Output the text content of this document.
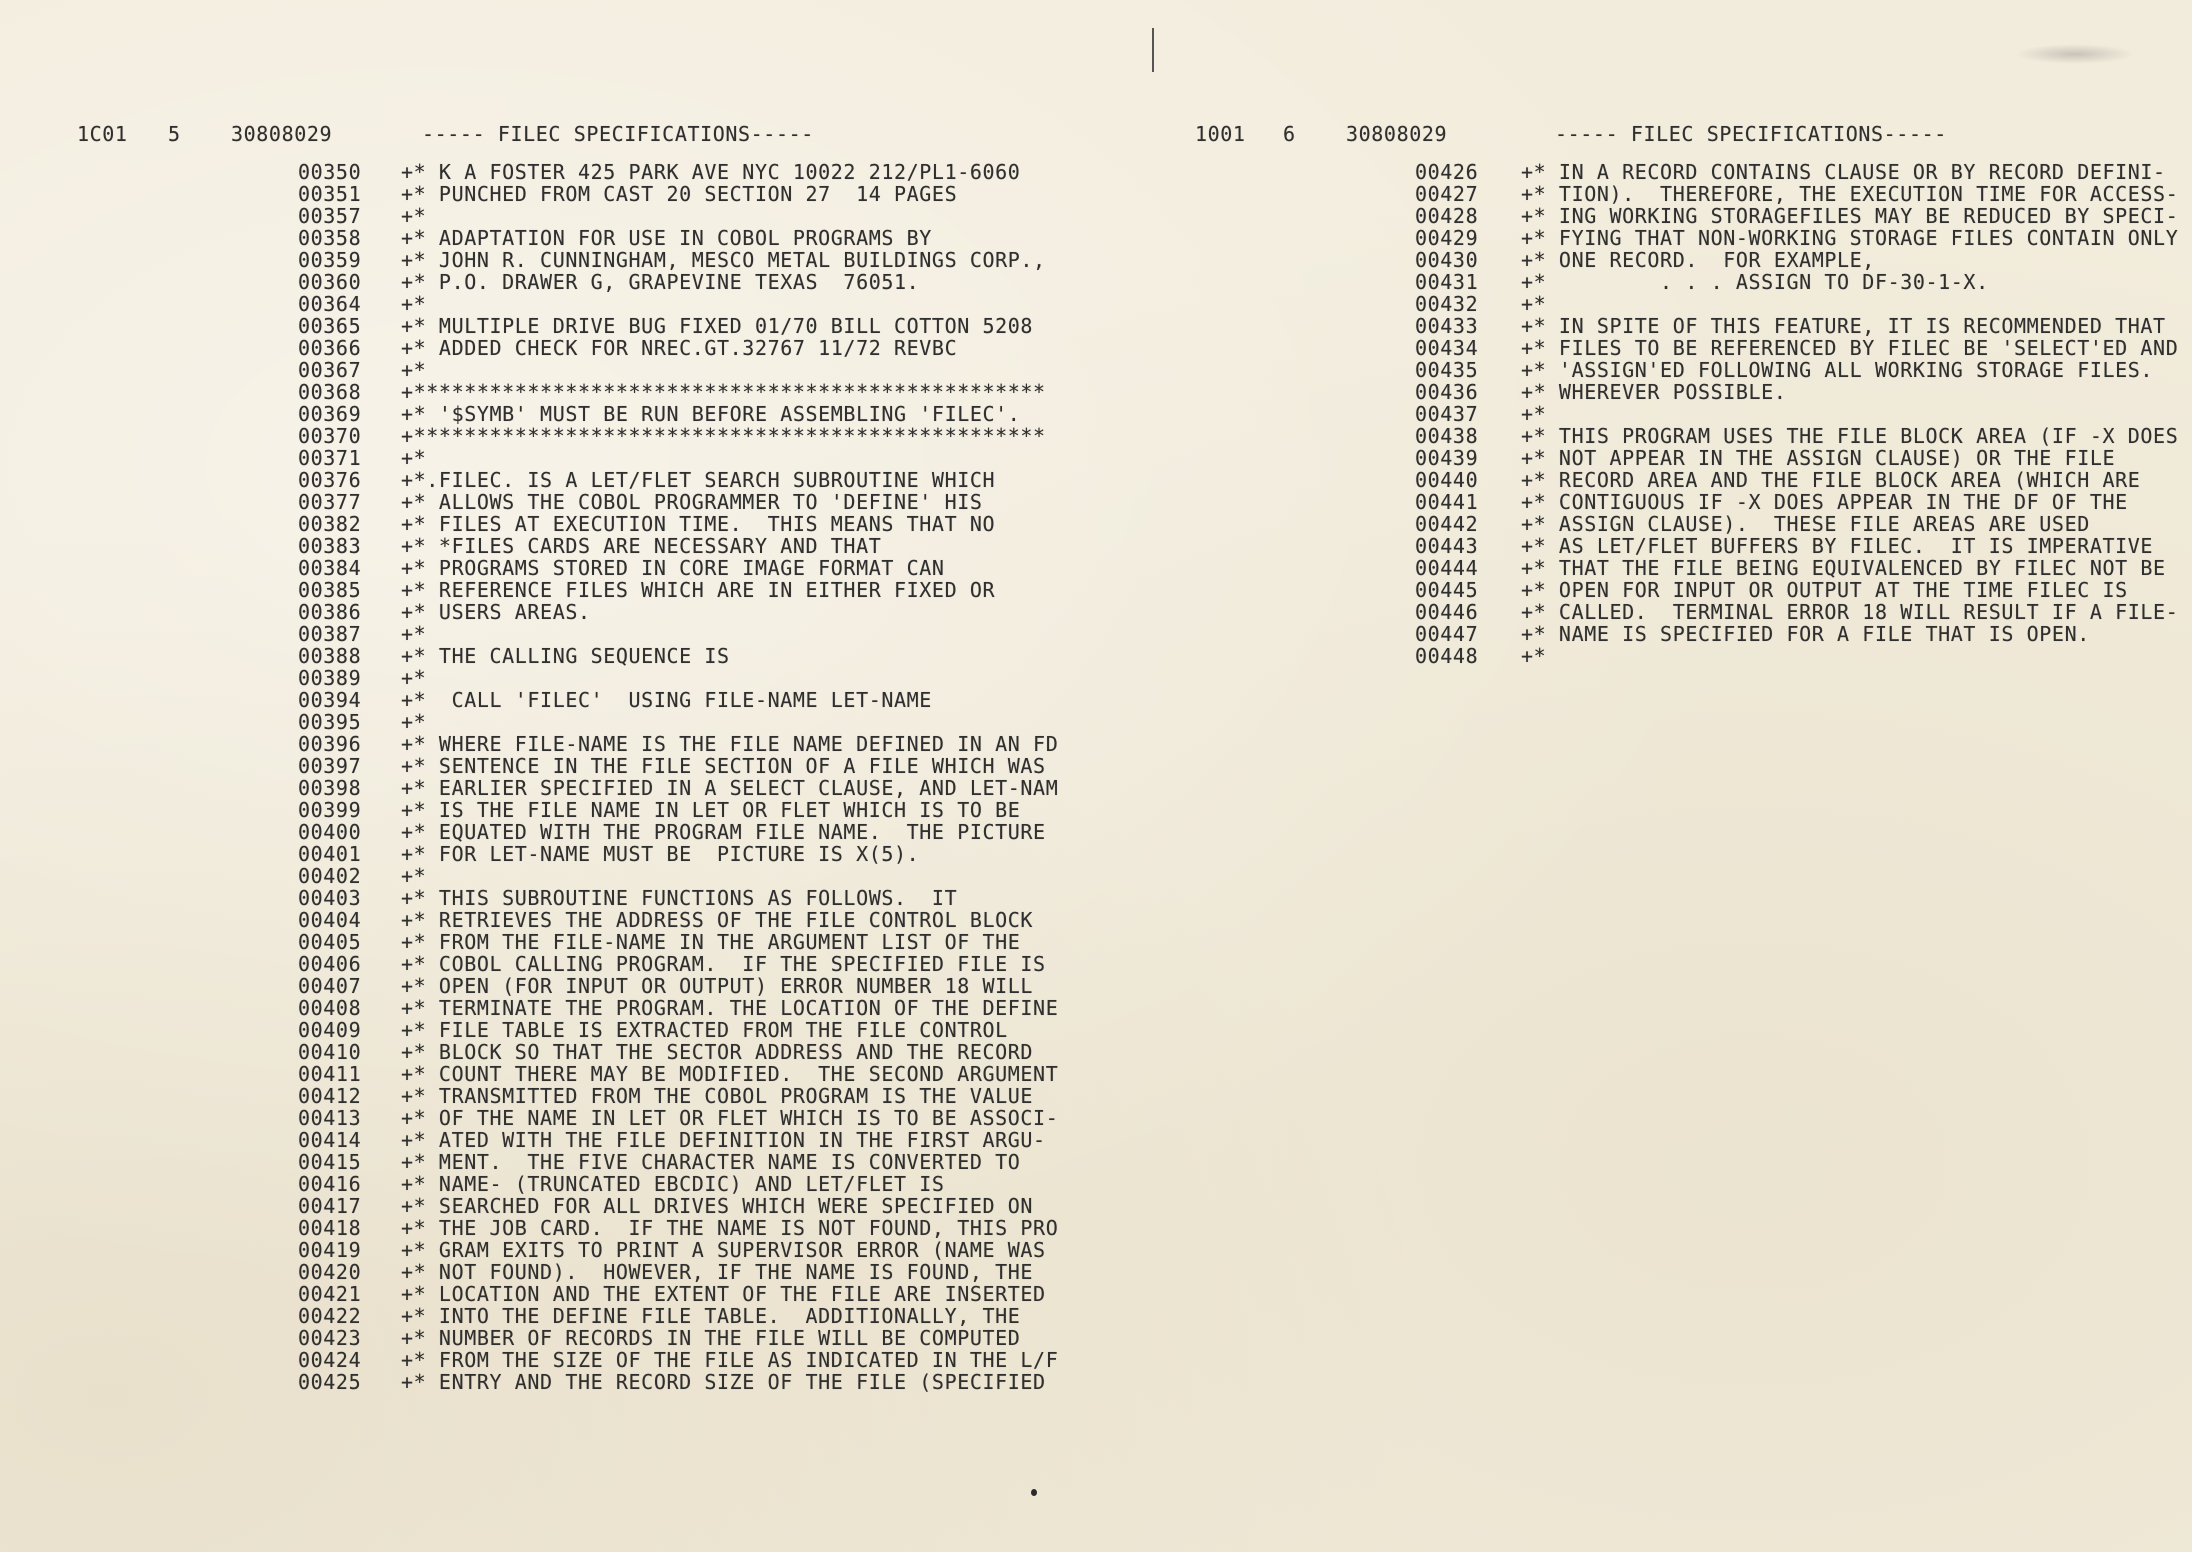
1C01 5	30808029	----- FILEC SPECIFICATIONS-----	1001 6	30808029	----- FILEC SPECIFICATIONS-----
00350 +* K A FOSTER 425 PARK AVE NYC 10022 212/PL1-6060
00351 +* PUNCHED FROM CAST 20 SECTION 27  14 PAGES
00357 +*
00358 +* ADAPTATION FOR USE IN COBOL PROGRAMS BY
00359 +* JOHN R. CUNNINGHAM, MESCO METAL BUILDINGS CORP.,
00360 +* P.O. DRAWER G, GRAPEVINE TEXAS  76051.
00364 +*
00365 +* MULTIPLE DRIVE BUG FIXED 01/70 BILL COTTON 5208
00366 +* ADDED CHECK FOR NREC.GT.32767 11/72 REVBC
00367 +*
00368 +**************************************************
00369 +* '$SYMB' MUST BE RUN BEFORE ASSEMBLING 'FILEC'.
00370 +**************************************************
00371 +*
00376 +*.FILEC. IS A LET/FLET SEARCH SUBROUTINE WHICH
00377 +* ALLOWS THE COBOL PROGRAMMER TO 'DEFINE' HIS
00382 +* FILES AT EXECUTION TIME.  THIS MEANS THAT NO
00383 +* *FILES CARDS ARE NECESSARY AND THAT
00384 +* PROGRAMS STORED IN CORE IMAGE FORMAT CAN
00385 +* REFERENCE FILES WHICH ARE IN EITHER FIXED OR
00386 +* USERS AREAS.
00387 +*
00388 +* THE CALLING SEQUENCE IS
00389 +*
00394 +*  CALL 'FILEC'  USING FILE-NAME LET-NAME
00395 +*
00396 +* WHERE FILE-NAME IS THE FILE NAME DEFINED IN AN FD
00397 +* SENTENCE IN THE FILE SECTION OF A FILE WHICH WAS
00398 +* EARLIER SPECIFIED IN A SELECT CLAUSE, AND LET-NAM
00399 +* IS THE FILE NAME IN LET OR FLET WHICH IS TO BE
00400 +* EQUATED WITH THE PROGRAM FILE NAME.  THE PICTURE
00401 +* FOR LET-NAME MUST BE  PICTURE IS X(5).
00402 +*
00403 +* THIS SUBROUTINE FUNCTIONS AS FOLLOWS.  IT
00404 +* RETRIEVES THE ADDRESS OF THE FILE CONTROL BLOCK
00405 +* FROM THE FILE-NAME IN THE ARGUMENT LIST OF THE
00406 +* COBOL CALLING PROGRAM.  IF THE SPECIFIED FILE IS
00407 +* OPEN (FOR INPUT OR OUTPUT) ERROR NUMBER 18 WILL
00408 +* TERMINATE THE PROGRAM. THE LOCATION OF THE DEFINE
00409 +* FILE TABLE IS EXTRACTED FROM THE FILE CONTROL
00410 +* BLOCK SO THAT THE SECTOR ADDRESS AND THE RECORD
00411 +* COUNT THERE MAY BE MODIFIED.  THE SECOND ARGUMENT
00412 +* TRANSMITTED FROM THE COBOL PROGRAM IS THE VALUE
00413 +* OF THE NAME IN LET OR FLET WHICH IS TO BE ASSOCI-
00414 +* ATED WITH THE FILE DEFINITION IN THE FIRST ARGU-
00415 +* MENT.  THE FIVE CHARACTER NAME IS CONVERTED TO
00416 +* NAME- (TRUNCATED EBCDIC) AND LET/FLET IS
00417 +* SEARCHED FOR ALL DRIVES WHICH WERE SPECIFIED ON
00418 +* THE JOB CARD.  IF THE NAME IS NOT FOUND, THIS PRO
00419 +* GRAM EXITS TO PRINT A SUPERVISOR ERROR (NAME WAS
00420 +* NOT FOUND).  HOWEVER, IF THE NAME IS FOUND, THE
00421 +* LOCATION AND THE EXTENT OF THE FILE ARE INSERTED
00422 +* INTO THE DEFINE FILE TABLE.  ADDITIONALLY, THE
00423 +* NUMBER OF RECORDS IN THE FILE WILL BE COMPUTED
00424 +* FROM THE SIZE OF THE FILE AS INDICATED IN THE L/F
00425 +* ENTRY AND THE RECORD SIZE OF THE FILE (SPECIFIED
00426 +* IN A RECORD CONTAINS CLAUSE OR BY RECORD DEFINI-
00427 +* TION).  THEREFORE, THE EXECUTION TIME FOR ACCESS-
00428 +* ING WORKING STORAGEFILES MAY BE REDUCED BY SPECI-
00429 +* FYING THAT NON-WORKING STORAGE FILES CONTAIN ONLY
00430 +* ONE RECORD.  FOR EXAMPLE,
00431 +*         . . . ASSIGN TO DF-30-1-X.
00432 +*
00433 +* IN SPITE OF THIS FEATURE, IT IS RECOMMENDED THAT
00434 +* FILES TO BE REFERENCED BY FILEC BE 'SELECT'ED AND
00435 +* 'ASSIGN'ED FOLLOWING ALL WORKING STORAGE FILES.
00436 +* WHEREVER POSSIBLE.
00437 +*
00438 +* THIS PROGRAM USES THE FILE BLOCK AREA (IF -X DOES
00439 +* NOT APPEAR IN THE ASSIGN CLAUSE) OR THE FILE
00440 +* RECORD AREA AND THE FILE BLOCK AREA (WHICH ARE
00441 +* CONTIGUOUS IF -X DOES APPEAR IN THE DF OF THE
00442 +* ASSIGN CLAUSE).  THESE FILE AREAS ARE USED
00443 +* AS LET/FLET BUFFERS BY FILEC.  IT IS IMPERATIVE
00444 +* THAT THE FILE BEING EQUIVALENCED BY FILEC NOT BE
00445 +* OPEN FOR INPUT OR OUTPUT AT THE TIME FILEC IS
00446 +* CALLED.  TERMINAL ERROR 18 WILL RESULT IF A FILE-
00447 +* NAME IS SPECIFIED FOR A FILE THAT IS OPEN.
00448 +*
